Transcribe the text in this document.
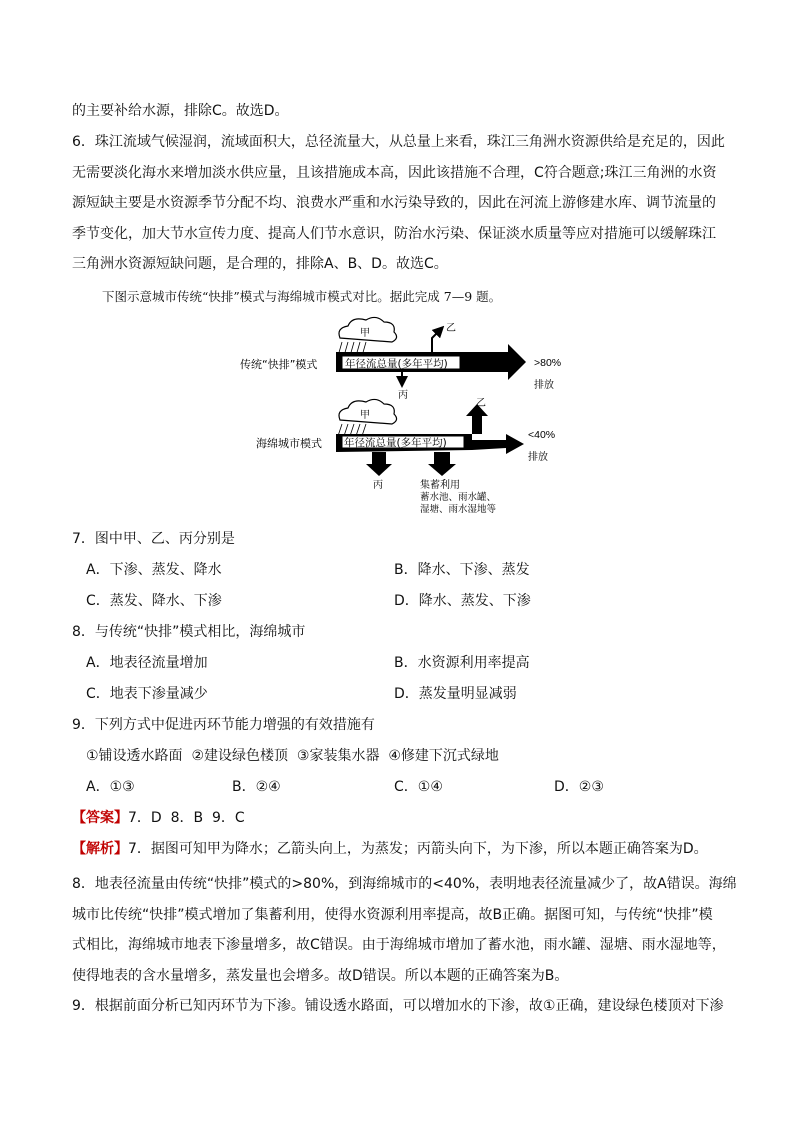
的主要补给水源，排除C。故选D。
6．珠江流域气候湿润，流域面积大，总径流量大，从总量上来看，珠江三角洲水资源供给是充足的，因此
无需要淡化海水来增加淡水供应量，且该措施成本高，因此该措施不合理，C符合题意;珠江三角洲的水资
源短缺主要是水资源季节分配不均、浪费水严重和水污染导致的，因此在河流上游修建水库、调节流量的
季节变化，加大节水宣传力度、提高人们节水意识，防治水污染、保证淡水质量等应对措施可以缓解珠江
三角洲水资源短缺问题，是合理的，排除A、B、D。故选C。
下图示意城市传统“快排”模式与海绵城市模式对比。据此完成 7—9 题。
传统“快排”模式
甲
年径流总量(多年平均)
乙
丙
>80%
排放
海绵城市模式
甲
年径流总量(多年平均)
乙
丙	集蓄利用
蓄水池、雨水罐、
湿塘、雨水湿地等
<40%
排放
7．图中甲、乙、丙分别是
A．下渗、蒸发、降水	B．降水、下渗、蒸发
C．蒸发、降水、下渗	D．降水、蒸发、下渗
8．与传统“快排”模式相比，海绵城市
A．地表径流量增加	B．水资源利用率提高
C．地表下渗量减少	D．蒸发量明显减弱
9．下列方式中促进丙环节能力增强的有效措施有
①铺设透水路面  ②建设绿色楼顶  ③家装集水器  ④修建下沉式绿地
A．①③	B．②④	C．①④	D．②③
【答案】7．D  8．B  9．C
【解析】7．据图可知甲为降水；乙箭头向上，为蒸发；丙箭头向下，为下渗，所以本题正确答案为D。
8．地表径流量由传统“快排”模式的>80%，到海绵城市的<40%，表明地表径流量减少了，故A错误。海绵
城市比传统“快排”模式增加了集蓄利用，使得水资源利用率提高，故B正确。据图可知，与传统“快排”模
式相比，海绵城市地表下渗量增多，故C错误。由于海绵城市增加了蓄水池，雨水罐、湿塘、雨水湿地等，
使得地表的含水量增多，蒸发量也会增多。故D错误。所以本题的正确答案为B。
9．根据前面分析已知丙环节为下渗。铺设透水路面，可以增加水的下渗，故①正确，建设绿色楼顶对下渗
